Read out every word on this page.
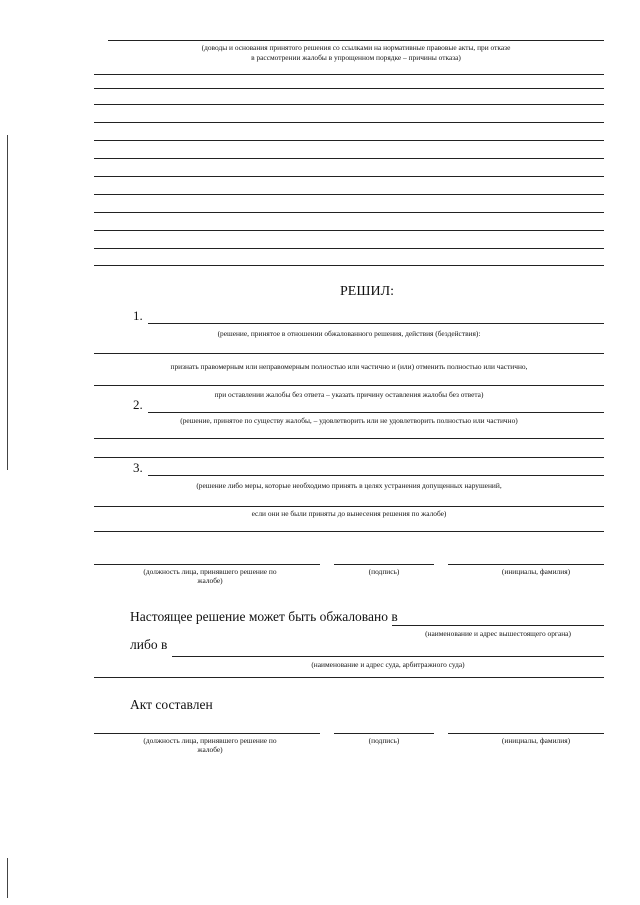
(доводы и основания принятого решения со ссылками на нормативные правовые акты, при отказе
в рассмотрении жалобы в упрощенном порядке – причины отказа)
РЕШИЛ:
1.
(решение, принятое в отношении обжалованного решения, действия (бездействия):
признать правомерным или неправомерным полностью или частично и (или) отменить полностью или частично,
при оставлении жалобы без ответа – указать причину оставления жалобы без ответа)
2.
(решение, принятое по существу жалобы, – удовлетворить или не удовлетворить полностью или частично)
3.
(решение либо меры, которые необходимо принять в целях устранения допущенных нарушений,
если они не были приняты до вынесения решения по жалобе)
(должность лица, принявшего решение по
жалобе)
(подпись)	(инициалы, фамилия)
Настоящее решение может быть обжаловано в
(наименование и адрес вышестоящего органа)
либо в
(наименование и адрес суда, арбитражного суда)
Акт составлен
(должность лица, принявшего решение по
жалобе)
(подпись)	(инициалы, фамилия)
